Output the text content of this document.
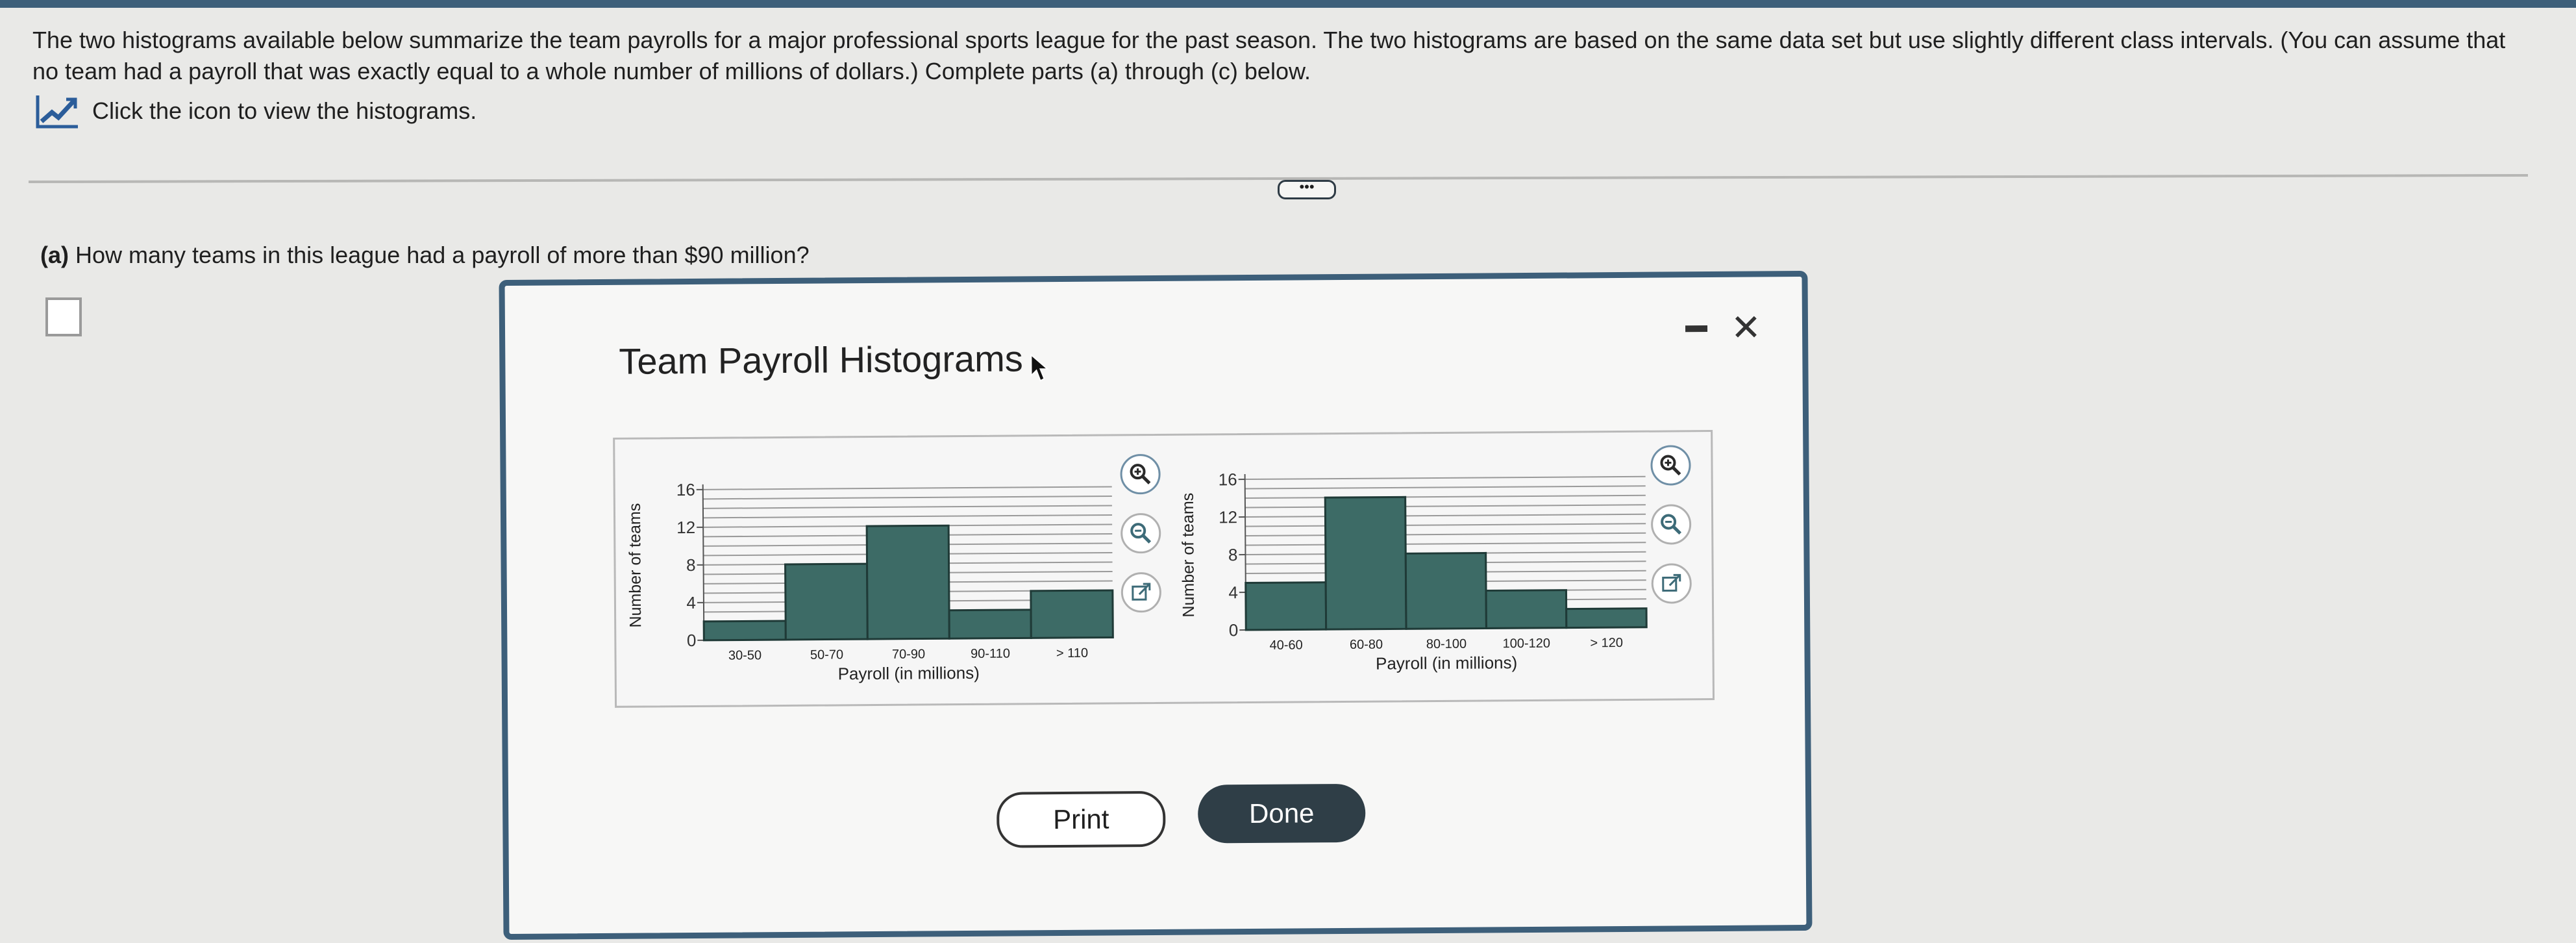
The two histograms available below summarize the team payrolls for a major professional sports league for the past season. The two histograms are based on the same data set but use slightly different class intervals. (You can assume that no team had a payroll that was exactly equal to a whole number of millions of dollars.) Complete parts (a) through (c) below.
Click the icon to view the histograms.
•••
(a) How many teams in this league had a payroll of more than $90 million?
Team Payroll Histograms
✕
0
4
8
12
16
30-50	50-70	70-90	90-110	> 110
Payroll (in millions)
Number of teams
0
4
8
12
16
40-60	60-80	80-100	100-120	> 120
Payroll (in millions)
Number of teams
Print	Done
